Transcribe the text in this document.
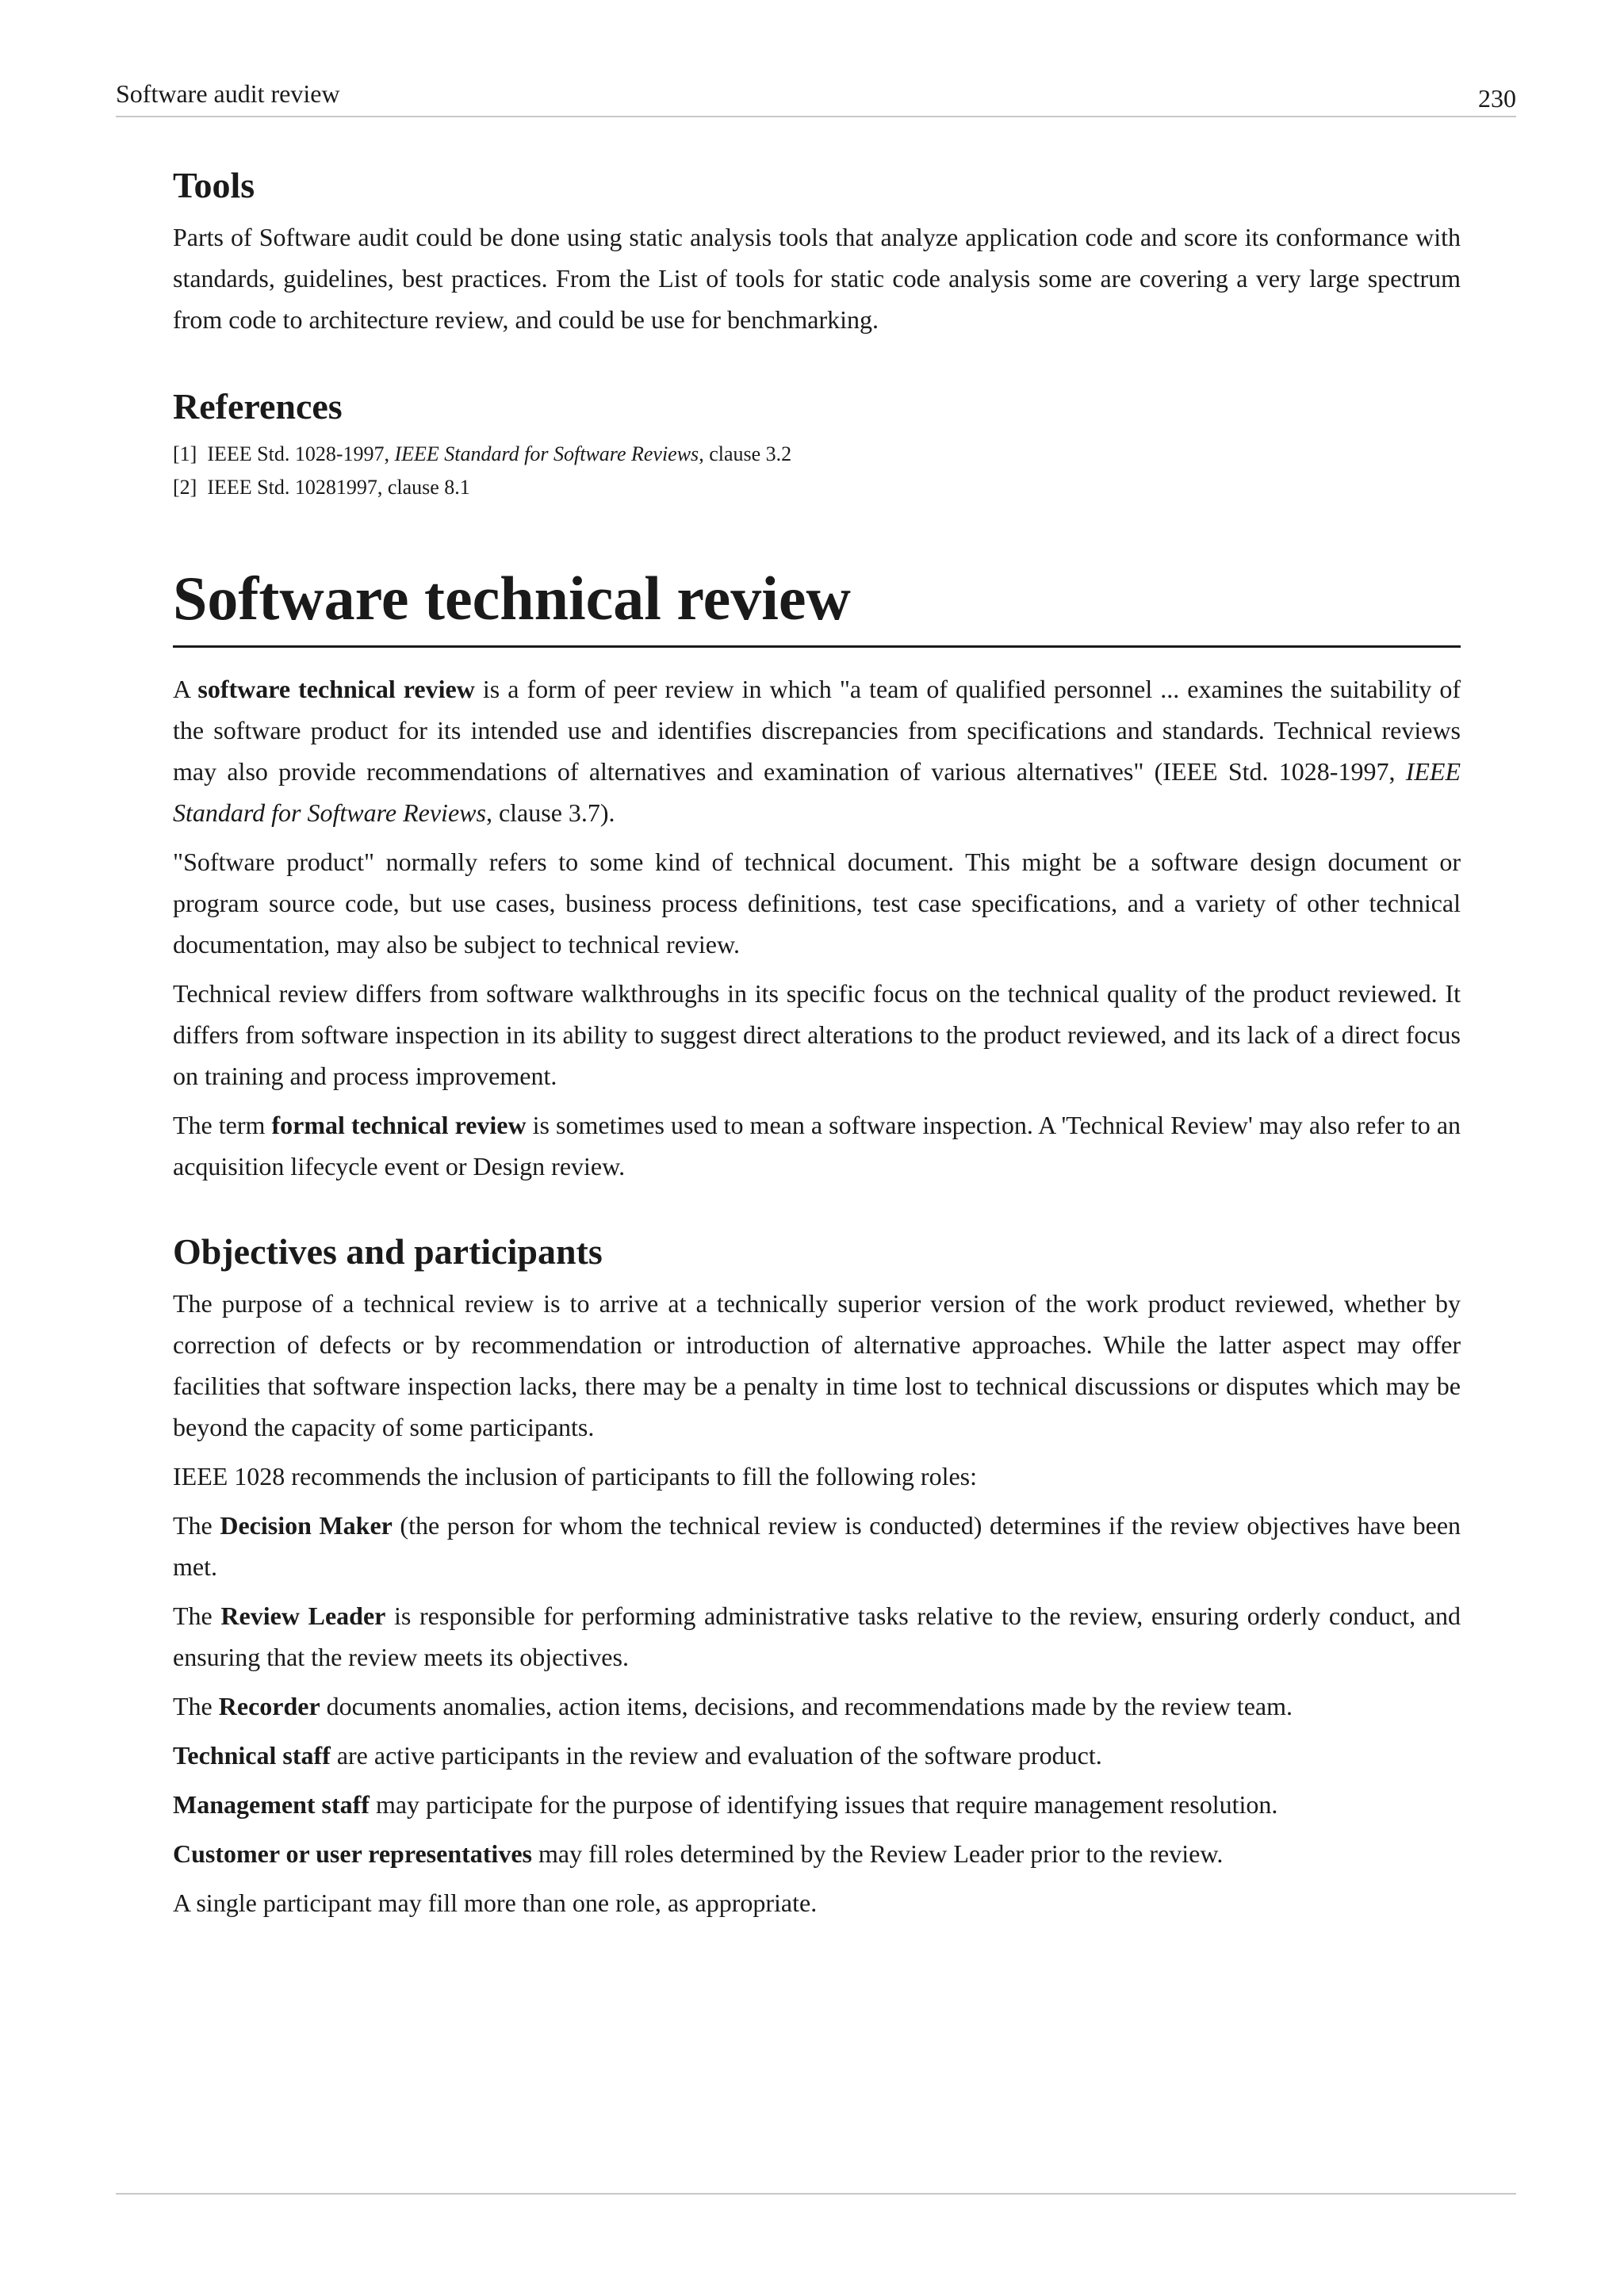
Software audit review	230
Tools

Parts of Software audit could be done using static analysis tools that analyze application code and score its conformance with standards, guidelines, best practices. From the List of tools for static code analysis some are covering a very large spectrum from code to architecture review, and could be use for benchmarking.

References
[1] IEEE Std. 1028-1997, IEEE Standard for Software Reviews, clause 3.2
[2] IEEE Std. 10281997, clause 8.1
Software technical review

A software technical review is a form of peer review in which "a team of qualified personnel ... examines the suitability of the software product for its intended use and identifies discrepancies from specifications and standards. Technical reviews may also provide recommendations of alternatives and examination of various alternatives" (IEEE Std. 1028-1997, IEEE Standard for Software Reviews, clause 3.7).

"Software product" normally refers to some kind of technical document. This might be a software design document or program source code, but use cases, business process definitions, test case specifications, and a variety of other technical documentation, may also be subject to technical review.

Technical review differs from software walkthroughs in its specific focus on the technical quality of the product reviewed. It differs from software inspection in its ability to suggest direct alterations to the product reviewed, and its lack of a direct focus on training and process improvement.

The term formal technical review is sometimes used to mean a software inspection. A 'Technical Review' may also refer to an acquisition lifecycle event or Design review.

Objectives and participants

The purpose of a technical review is to arrive at a technically superior version of the work product reviewed, whether by correction of defects or by recommendation or introduction of alternative approaches. While the latter aspect may offer facilities that software inspection lacks, there may be a penalty in time lost to technical discussions or disputes which may be beyond the capacity of some participants.

IEEE 1028 recommends the inclusion of participants to fill the following roles:

The Decision Maker (the person for whom the technical review is conducted) determines if the review objectives have been met.

The Review Leader is responsible for performing administrative tasks relative to the review, ensuring orderly conduct, and ensuring that the review meets its objectives.

The Recorder documents anomalies, action items, decisions, and recommendations made by the review team.

Technical staff are active participants in the review and evaluation of the software product.

Management staff may participate for the purpose of identifying issues that require management resolution.

Customer or user representatives may fill roles determined by the Review Leader prior to the review.

A single participant may fill more than one role, as appropriate.
